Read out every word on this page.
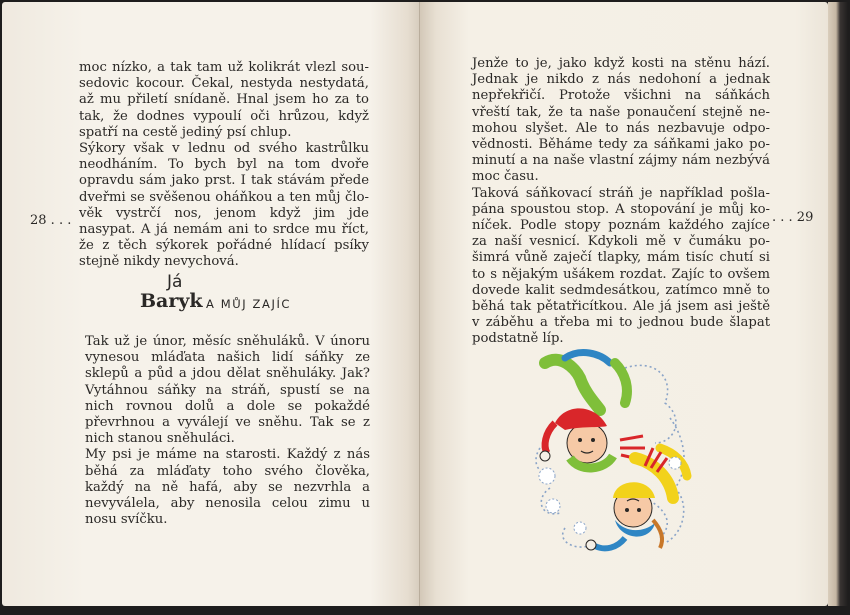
moc nízko, a tak tam už kolikrát vlezl sou-sedovic kocour. Čekal, nestyda nestydatá, až mu přiletí snídaně. Hnal jsem ho za to tak, že dodnes vypoulí oči hrůzou, když spatří na cestě jediný psí chlup.

Sýkory však v lednu od svého kastrůlku neodháním. To bych byl na tom dvoře opravdu sám jako prst. I tak stávám přede dveřmi se svěšenou oháňkou a ten můj člo-věk vystrčí nos, jenom když jim jde nasypat. A já nemám ani to srdce mu říct, že z těch sýkorek pořádné hlídací psíky stejně nikdy nevychová.

28 . . .
Já
Baryk A MŮJ ZAJÍC

Tak už je únor, měsíc sněhuláků. V únoru vynesou mláďata našich lidí sáňky ze sklepů a půd a jdou dělat sněhuláky. Jak? Vytáhnou sáňky na stráň, spustí se na nich rovnou dolů a dole se pokaždé převrhnou a vyválejí ve sněhu. Tak se z nich stanou sněhuláci.

My psi je máme na starosti. Každý z nás běhá za mláďaty toho svého člověka, každý na ně hafá, aby se nezvrhla a nevyválela, aby nenosila celou zimu u nosu svíčku.

Jenže to je, jako když kosti na stěnu hází. Jednak je nikdo z nás nedohoní a jednak nepřekřičí. Protože všichni na sáňkách vřeští tak, že ta naše ponaučení stejně ne-mohou slyšet. Ale to nás nezbavuje odpo-vědnosti. Běháme tedy za sáňkami jako po-minutí a na naše vlastní zájmy nám nezbývá moc času.

Taková sáňkovací stráň je například pošla-pána spoustou stop. A stopování je můj ko-níček. Podle stopy poznám každého zajíce za naší vesnicí. Kdykoli mě v čumáku po-šimrá vůně zaječí tlapky, mám tisíc chutí si to s nějakým ušákem rozdat. Zajíc to ovšem dovede kalit sedmdesátkou, zatímco mně to běhá tak pětatřicítkou. Ale já jsem asi ještě v záběhu a třeba mi to jednou bude šlapat podstatně líp.

. . . 29
